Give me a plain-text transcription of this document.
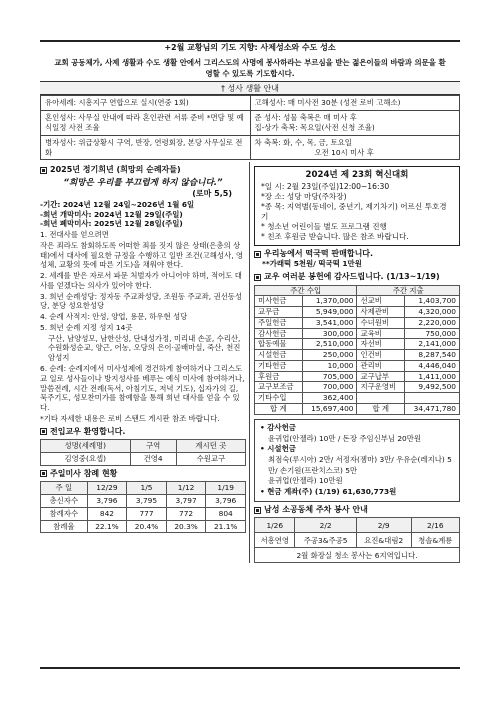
+2월 교황님의 기도 지향: 사제성소와 수도 성소
교회 공동체가, 사제 생활과 수도 생활 안에서 그리스도의 사명에 봉사하라는 부르심을 받는 젊은이들의 바람과 의문을 환영할 수 있도록 기도합시다.
† 성사 생활 안내
유아세례: 시흥지구 연합으로 실시(연중 1회)	고해성사: 매 미사전 30분 (성전 로비 고해소)
혼인성사: 사무실 안내에 따라 혼인관련 서류 준비 *면담 및 예식일정 사전 조율	준 성사: 성물 축복은 매 미사 후
집-상가 축복: 목요일(사전 신청 조율)

병자성사: 위급상황시 구역, 반장, 연령회장, 본당 사무실로 전화	차 축복: 화, 수, 목, 금, 토요일
오전 10시 미사 후
2025년 정기희년 (희망의 순례자들)
“희망은 우리를 부끄럽게 하지 않습니다.”
(로마 5,5)
-기간: 2024년 12월 24일~2026년 1월 6일
-희년 개막미사: 2024년 12월 29일(주일)
-희년 폐막미사: 2025년 12월 28일(주일)

1. 전대사를 얻으려면

작은 죄라도 참회하도록 어떠한 죄를 짓지 않은 상태(은총의 상태)에서 대사에 필요한 규정을 수행하고 일반 조건(고해성사, 영성체, 교황의 뜻에 따른 기도)을 채워야 한다.

2. 세례를 받은 자로서 파문 처벌자가 아니어야 하며, 적어도 대사를 얻겠다는 의사가 있어야 한다.

3. 희년 순례성당: 정자동 주교좌성당, 조원동 주교좌, 권선동성당, 분당 성요한성당

4. 순례 사적지: 안성, 양업, 용문, 하우현 성당

5. 희년 순례 지정 성지 14곳

구산, 남양성모, 남한산성, 단내성가정, 미리내 손골, 수리산, 수원화성순교, 양근, 어농, 오당의 은이·골배마실, 죽산, 천진암성지

6. 순례: 순례지에서 미사성제에 경건하게 참여하거나 그리스도교 일로 성사들이나 방지성사를 베푸는 예식 미사에 참여하거나, 말씀전례, 시간 전례(독서, 아침기도, 저녁 기도), 십자가의 길, 묵주기도, 성모찬미가를 참예함을 통해 희년 대사를 얻을 수 있다.

*기타 자세한 내용은 로비 스탠드 게시판 참조 바랍니다.

전입교우 환영합니다.
성명(세례명)	구역	계시던 곳
김영중(요셉)	건영4	수원교구
주일미사 참례 현황
주 일	12/29	1/5	1/12	1/19
총신자수	3,796	3,795	3,797	3,796
참례자수	842	777	772	804
참례율	22.1%	20.4%	20.3%	21.1%
2024년 제 23회 혁신대회
*일 시: 2월 23일(주일)12:00~16:30
*장 소: 성당 마당(주차장)
*종 목: 지역별(동네이, 중년기, 제기차기) 어르신 투호경기
* 청소년 어린이들 별도 프로그램 진행
* 친조 후원금 받습니다. 많은 참조 바랍니다.
우리농에서 떡국떡 판매합니다.
**가래떡 5천원/ 떡국떡 1만원
교우 여러분 봉헌에 감사드립니다. (1/13~1/19)
주간 수입		주간 지출	
미사헌금	1,370,000	선교비	1,403,700
교무금	5,949,000	사제관비	4,320,000
주일헌금	3,541,000	수녀원비	2,220,000
감사헌금	300,000	교육비	750,000
합동예물	2,510,000	자선비	2,141,000
시설헌금	250,000	인건비	8,287,540
기타헌금	10,000	관리비	4,446,040
후원금	705,000	교구납부	1,411,000
교구보조금	700,000	지구운영비	9,492,500
기타수입	362,400		
합 계	15,697,400	합 계	34,471,780
• 감사헌금
윤귀업(안젤라) 10만 / 돈장 주임신부님 20만원
• 시설헌금
최점숙(루시아) 2만/ 서정자(젬마) 3만/ 우유순(레지나) 5만/ 손기원(프란치스코) 5만
윤귀업(안젤라) 10만원
• 현금 계좌(주) (1/19) 61,630,773원
남성 소공동체 주차 봉사 안내
1/26	2/2	2/9	2/16
서흥연영	주공3&주공5	요진&대림2	청솔&계룡
2월 화장실 청소 봉사는 6지역입니다.			
